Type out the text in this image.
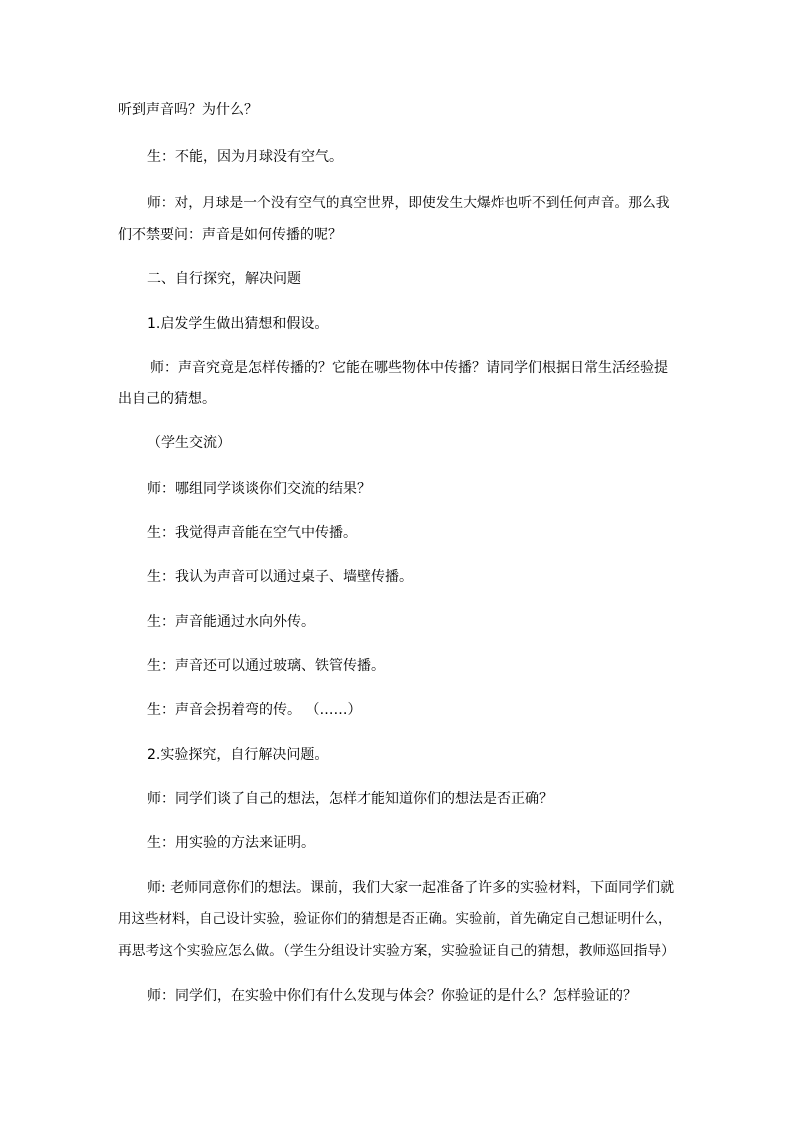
听到声音吗？为什么？
生：不能，因为月球没有空气。
师：对，月球是一个没有空气的真空世界，即使发生大爆炸也听不到任何声音。那么我
们不禁要问：声音是如何传播的呢？
二、自行探究，解决问题
1.启发学生做出猜想和假设。
师：声音究竟是怎样传播的？它能在哪些物体中传播？请同学们根据日常生活经验提
出自己的猜想。
（学生交流）
师：哪组同学谈谈你们交流的结果？
生：我觉得声音能在空气中传播。
生：我认为声音可以通过桌子、墙壁传播。
生：声音能通过水向外传。
生：声音还可以通过玻璃、铁管传播。
生：声音会拐着弯的传。 （……）
2.实验探究，自行解决问题。
师：同学们谈了自己的想法，怎样才能知道你们的想法是否正确？
生：用实验的方法来证明。
师: 老师同意你们的想法。课前，我们大家一起准备了许多的实验材料，下面同学们就
用这些材料，自己设计实验，验证你们的猜想是否正确。实验前，首先确定自己想证明什么，
再思考这个实验应怎么做。（学生分组设计实验方案，实验验证自己的猜想，教师巡回指导）
师：同学们，在实验中你们有什么发现与体会？你验证的是什么？怎样验证的？
